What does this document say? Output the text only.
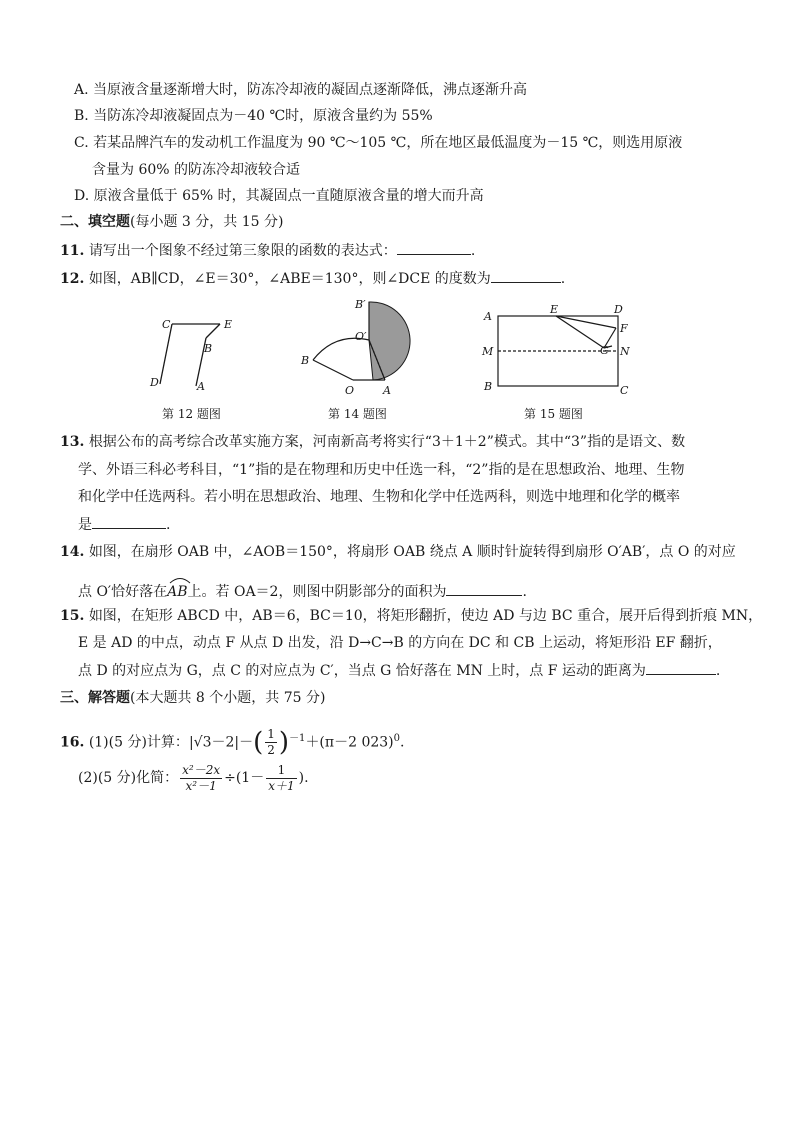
A. 当原液含量逐渐增大时，防冻冷却液的凝固点逐渐降低，沸点逐渐升高
B. 当防冻冷却液凝固点为－40 ℃时，原液含量约为 55%
C. 若某品牌汽车的发动机工作温度为 90 ℃～105 ℃，所在地区最低温度为－15 ℃，则选用原液
含量为 60% 的防冻冷却液较合适
D. 原液含量低于 65% 时，其凝固点一直随原液含量的增大而升高
二、填空题(每小题 3 分，共 15 分)
11. 请写出一个图象不经过第三象限的函数的表达式：	.
12. 如图，AB∥CD，∠E＝30°，∠ABE＝130°，则∠DCE 的度数为	.
C	E
B
D	A
第 12 题图
B′
O′
B
O	A
第 14 题图
A
E	D
F
M	G N
B	C
第 15 题图
13. 根据公布的高考综合改革实施方案，河南新高考将实行“3＋1＋2”模式。其中“3”指的是语文、数
学、外语三科必考科目，“1”指的是在物理和历史中任选一科，“2”指的是在思想政治、地理、生物
和化学中任选两科。若小明在思想政治、地理、生物和化学中任选两科，则选中地理和化学的概率
是	.
14. 如图，在扇形 OAB 中，∠AOB＝150°，将扇形 OAB 绕点 A 顺时针旋转得到扇形 O′AB′，点 O 的对应
点 O′恰好落在
AB上。若 OA＝2，则图中阴影部分的面积为	.
15. 如图，在矩形 ABCD 中，AB＝6，BC＝10，将矩形翻折，使边 AD 与边 BC 重合，展开后得到折痕 MN，
E 是 AD 的中点，动点 F 从点 D 出发，沿 D→C→B 的方向在 DC 和 CB 上运动，将矩形沿 EF 翻折，
点 D 的对应点为 G，点 C 的对应点为 C′，当点 G 恰好落在 MN 上时，点 F 运动的距离为	.
三、解答题(本大题共 8 个小题，共 75 分)
16. (1)(5 分)计算：$|√3-2|-( \frac{1}{2} )^{-1}+(\pi-2$ 023)$^0$.
(2)(5 分)化简： $\frac{\text{x²－2x}}{\text{x²－1}} \div(1- \frac{1}{x+1}$ ).
